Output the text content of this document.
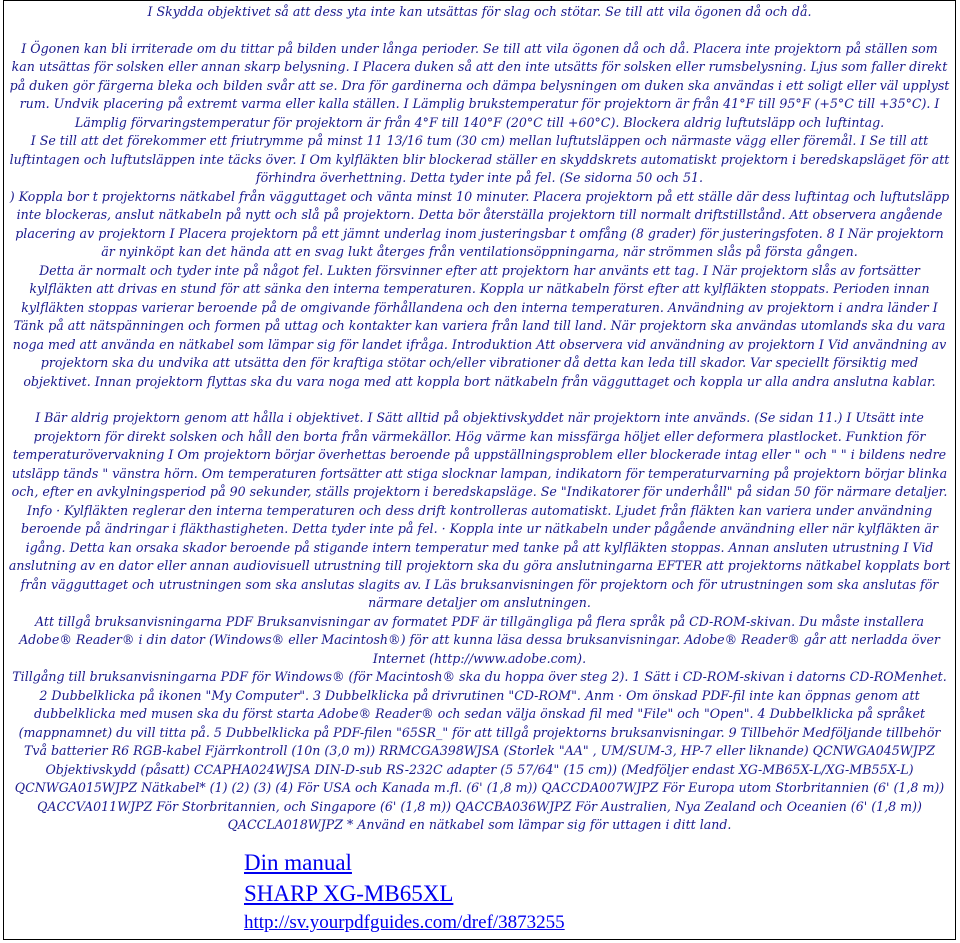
I Skydda objektivet så att dess yta inte kan utsättas för slag och stötar. Se till att vila ögonen då och då.

I Ögonen kan bli irriterade om du tittar på bilden under långa perioder. Se till att vila ögonen då och då. Placera inte projektorn på ställen som kan utsättas för solsken eller annan skarp belysning. I Placera duken så att den inte utsätts för solsken eller rumsbelysning. Ljus som faller direkt på duken gör färgerna bleka och bilden svår att se. Dra för gardinerna och dämpa belysningen om duken ska användas i ett soligt eller väl upplyst rum. Undvik placering på extremt varma eller kalla ställen. I Lämplig brukstemperatur för projektorn är från 41°F till 95°F (+5°C till +35°C). I Lämplig förvaringstemperatur för projektorn är från 4°F till 140°F (20°C till +60°C). Blockera aldrig luftutsläpp och luftintag.

I Se till att det förekommer ett friutrymme på minst 11 13/16 tum (30 cm) mellan luftutsläppen och närmaste vägg eller föremål. I Se till att luftintagen och luftutsläppen inte täcks över. I Om kylfläkten blir blockerad ställer en skyddskrets automatiskt projektorn i beredskapsläget för att förhindra överhettning. Detta tyder inte på fel. (Se sidorna 50 och 51.

) Koppla bor t projektorns nätkabel från vägguttaget och vänta minst 10 minuter. Placera projektorn på ett ställe där dess luftintag och luftutsläpp inte blockeras, anslut nätkabeln på nytt och slå på projektorn. Detta bör återställa projektorn till normalt driftstillstånd. Att observera angående placering av projektorn I Placera projektorn på ett jämnt underlag inom justeringsbar t omfång (8 grader) för justeringsfoten. 8 I När projektorn är nyinköpt kan det hända att en svag lukt återges från ventilationsöppningarna, när strömmen slås på första gången.

Detta är normalt och tyder inte på något fel. Lukten försvinner efter att projektorn har använts ett tag. I När projektorn slås av fortsätter kylfläkten att drivas en stund för att sänka den interna temperaturen. Koppla ur nätkabeln först efter att kylfläkten stoppats. Perioden innan kylfläkten stoppas varierar beroende på de omgivande förhållandena och den interna temperaturen. Användning av projektorn i andra länder I Tänk på att nätspänningen och formen på uttag och kontakter kan variera från land till land. När projektorn ska användas utomlands ska du vara noga med att använda en nätkabel som lämpar sig för landet ifråga. Introduktion Att observera vid användning av projektorn I Vid användning av projektorn ska du undvika att utsätta den för kraftiga stötar och/eller vibrationer då detta kan leda till skador. Var speciellt försiktig med objektivet. Innan projektorn flyttas ska du vara noga med att koppla bort nätkabeln från vägguttaget och koppla ur alla andra anslutna kablar.

I Bär aldrig projektorn genom att hålla i objektivet. I Sätt alltid på objektivskyddet när projektorn inte används. (Se sidan 11.) I Utsätt inte projektorn för direkt solsken och håll den borta från värmekällor. Hög värme kan missfärga höljet eller deformera plastlocket. Funktion för temperaturövervakning I Om projektorn börjar överhettas beroende på uppställningsproblem eller blockerade intag eller " och " " i bildens nedre utsläpp tänds " vänstra hörn. Om temperaturen fortsätter att stiga slocknar lampan, indikatorn för temperaturvarning på projektorn börjar blinka och, efter en avkylningsperiod på 90 sekunder, ställs projektorn i beredskapsläge. Se "Indikatorer för underhåll" på sidan 50 för närmare detaljer. Info · Kylfläkten reglerar den interna temperaturen och dess drift kontrolleras automatiskt. Ljudet från fläkten kan variera under användning beroende på ändringar i fläkthastigheten. Detta tyder inte på fel. · Koppla inte ur nätkabeln under pågående användning eller när kylfläkten är igång. Detta kan orsaka skador beroende på stigande intern temperatur med tanke på att kylfläkten stoppas. Annan ansluten utrustning I Vid anslutning av en dator eller annan audiovisuell utrustning till projektorn ska du göra anslutningarna EFTER att projektorns nätkabel kopplats bort från vägguttaget och utrustningen som ska anslutas slagits av. I Läs bruksanvisningen för projektorn och för utrustningen som ska anslutas för närmare detaljer om anslutningen.

Att tillgå bruksanvisningarna PDF Bruksanvisningar av formatet PDF är tillgängliga på flera språk på CD-ROM-skivan. Du måste installera Adobe® Reader® i din dator (Windows® eller Macintosh®) för att kunna läsa dessa bruksanvisningar. Adobe® Reader® går att nerladda över Internet (http://www.adobe.com).

Tillgång till bruksanvisningarna PDF för Windows® (för Macintosh® ska du hoppa över steg 2). 1 Sätt i CD-ROM-skivan i datorns CD-ROMenhet. 2 Dubbelklicka på ikonen "My Computer". 3 Dubbelklicka på drivrutinen "CD-ROM". Anm · Om önskad PDF-fil inte kan öppnas genom att dubbelklicka med musen ska du först starta Adobe® Reader® och sedan välja önskad fil med "File" och "Open". 4 Dubbelklicka på språket (mappnamnet) du vill titta på. 5 Dubbelklicka på PDF-filen "65SR_" för att tillgå projektorns bruksanvisningar. 9 Tillbehör Medföljande tillbehör Två batterier R6 RGB-kabel Fjärrkontroll (10n (3,0 m)) RRMCGA398WJSA (Storlek "AA" , UM/SUM-3, HP-7 eller liknande) QCNWGA045WJPZ Objektivskydd (påsatt) CCAPHA024WJSA DIN-D-sub RS-232C adapter (5 57/64" (15 cm)) (Medföljer endast XG-MB65X-L/XG-MB55X-L) QCNWGA015WJPZ Nätkabel* (1) (2) (3) (4) För USA och Kanada m.fl. (6' (1,8 m)) QACCDA007WJPZ För Europa utom Storbritannien (6' (1,8 m)) QACCVA011WJPZ För Storbritannien, och Singapore (6' (1,8 m)) QACCBA036WJPZ För Australien, Nya Zealand och Oceanien (6' (1,8 m)) QACCLA018WJPZ * Använd en nätkabel som lämpar sig för uttagen i ditt land.

Din manual
SHARP XG-MB65XL
http://sv.yourpdfguides.com/dref/3873255
